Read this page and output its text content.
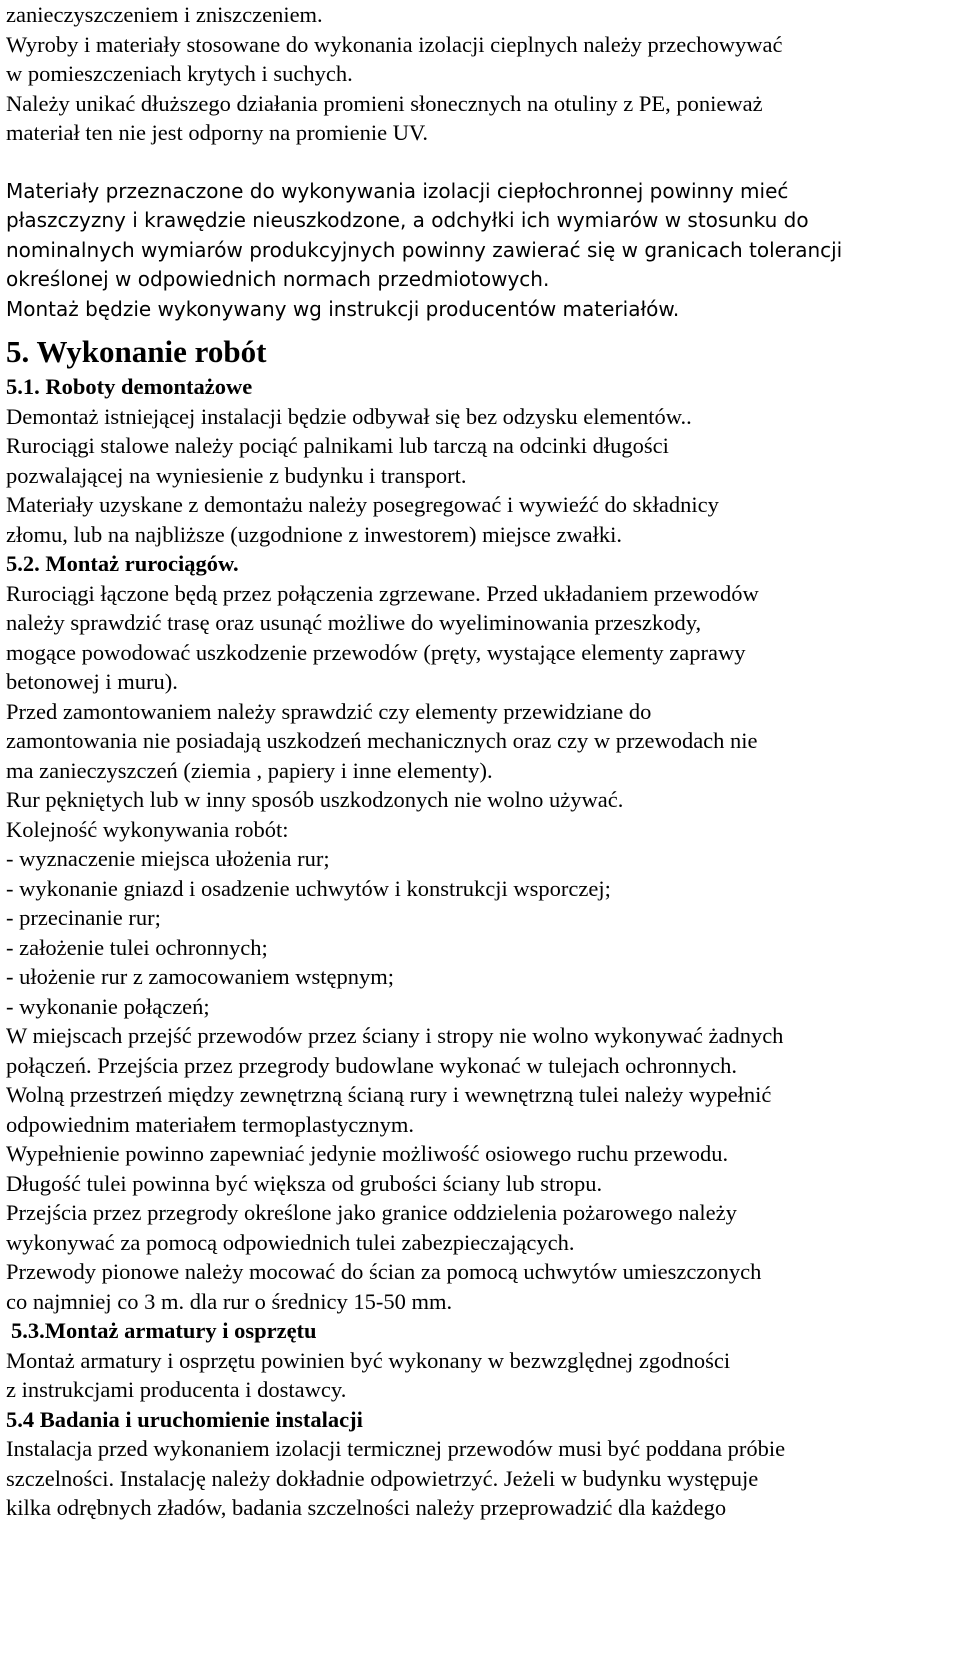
zanieczyszczeniem i zniszczeniem.
Wyroby i materiały stosowane do wykonania izolacji cieplnych należy przechowywać
w pomieszczeniach krytych i suchych.
Należy unikać dłuższego działania promieni słonecznych na otuliny z PE, ponieważ
materiał ten nie jest odporny na promienie UV.
Materiały przeznaczone do wykonywania izolacji ciepłochronnej powinny mieć
płaszczyzny i krawędzie nieuszkodzone, a odchyłki ich wymiarów w stosunku do
nominalnych wymiarów produkcyjnych powinny zawierać się w granicach tolerancji
określonej w odpowiednich normach przedmiotowych.
Montaż będzie wykonywany wg instrukcji producentów materiałów.
5. Wykonanie robót
5.1. Roboty demontażowe
Demontaż istniejącej instalacji będzie odbywał się bez odzysku elementów..
Rurociągi stalowe należy pociąć palnikami lub tarczą na odcinki długości
pozwalającej na wyniesienie z budynku i transport.
Materiały uzyskane z demontażu należy posegregować i wywieźć do składnicy
złomu, lub na najbliższe (uzgodnione z inwestorem) miejsce zwałki.
5.2. Montaż rurociągów.
Rurociągi łączone będą przez połączenia zgrzewane. Przed układaniem przewodów
należy sprawdzić trasę oraz usunąć możliwe do wyeliminowania przeszkody,
mogące powodować uszkodzenie przewodów (pręty, wystające elementy zaprawy
betonowej i muru).
Przed zamontowaniem należy sprawdzić czy elementy przewidziane do
zamontowania nie posiadają uszkodzeń mechanicznych oraz czy w przewodach nie
ma zanieczyszczeń (ziemia , papiery i inne elementy).
Rur pękniętych lub w inny sposób uszkodzonych nie wolno używać.
Kolejność wykonywania robót:
- wyznaczenie miejsca ułożenia rur;
- wykonanie gniazd i osadzenie uchwytów i konstrukcji wsporczej;
- przecinanie rur;
- założenie tulei ochronnych;
- ułożenie rur z zamocowaniem wstępnym;
- wykonanie połączeń;
W miejscach przejść przewodów przez ściany i stropy nie wolno wykonywać żadnych
połączeń. Przejścia przez przegrody budowlane wykonać w tulejach ochronnych.
Wolną przestrzeń między zewnętrzną ścianą rury i wewnętrzną tulei należy wypełnić
odpowiednim materiałem termoplastycznym.
Wypełnienie powinno zapewniać jedynie możliwość osiowego ruchu przewodu.
Długość tulei powinna być większa od grubości ściany lub stropu.
Przejścia przez przegrody określone jako granice oddzielenia pożarowego należy
wykonywać za pomocą odpowiednich tulei zabezpieczających.
Przewody pionowe należy mocować do ścian za pomocą uchwytów umieszczonych
co najmniej co 3 m. dla rur o średnicy 15-50 mm.
5.3.Montaż armatury i osprzętu
Montaż armatury i osprzętu powinien być wykonany w bezwzględnej zgodności
z instrukcjami producenta i dostawcy.
5.4 Badania i uruchomienie instalacji
Instalacja przed wykonaniem izolacji termicznej przewodów musi być poddana próbie
szczelności. Instalację należy dokładnie odpowietrzyć. Jeżeli w budynku występuje
kilka odrębnych zładów, badania szczelności należy przeprowadzić dla każdego
